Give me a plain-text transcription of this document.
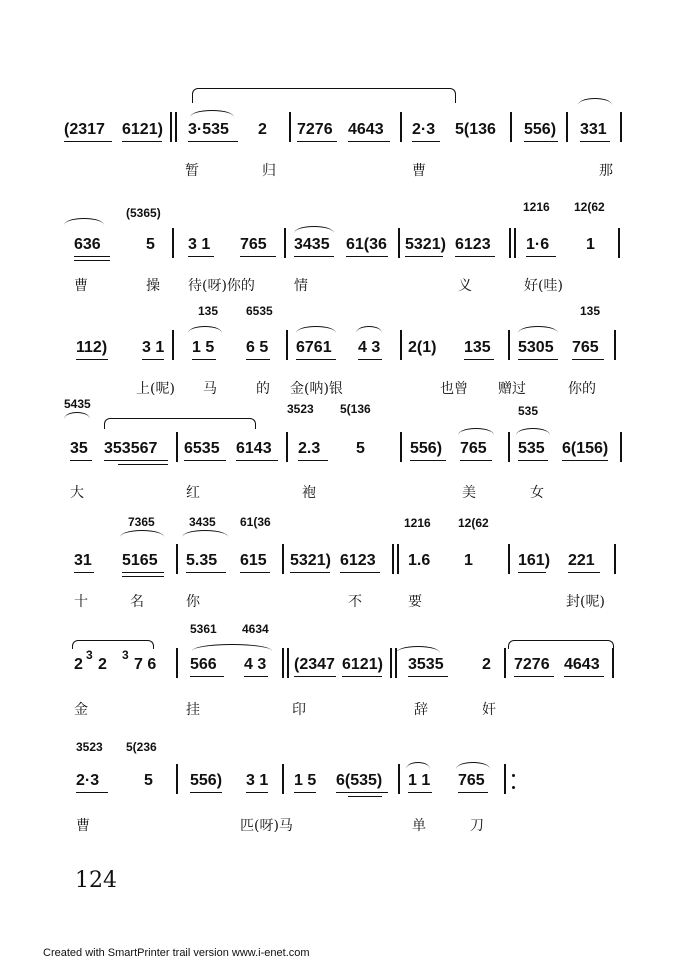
(2317 6121) 3·535 2 7276 4643 2·3 5(136 556) 331
暂	归	曹	那
(5365)	1216 12(62
636	5 3 1 765 3435 61(36 5321) 6123 1·6 1
曹	操 待(呀)你的	情	义	好(哇)
135 6535	135
112) 3 1 1 5 6 5 6761 4 3 2(1) 135 5305 765
上(呢) 马	的 金(呐)银	也曾 赠过	你的
5435	3523 5(136	535
35 353567 6535 6143 2.3 5	556) 765 535 6(156)
大	红	袍	美	女
7365	3435 61(36	1216 12(62
31 5165 5.35 615 5321) 6123 1.6 1	161) 221
十	名	你	不	要	封(呢)
5361 4634
2
3
2
3
7 6 566 4 3 (2347 6121) 3535 2 7276 4643
金	挂	印	辞	奸
3523 5(236
2·3	5 556) 3 1 1 5 6(535) 1 1 765
曹	匹(呀)马	单	刀
124
Created with SmartPrinter trail version www.i-enet.com
